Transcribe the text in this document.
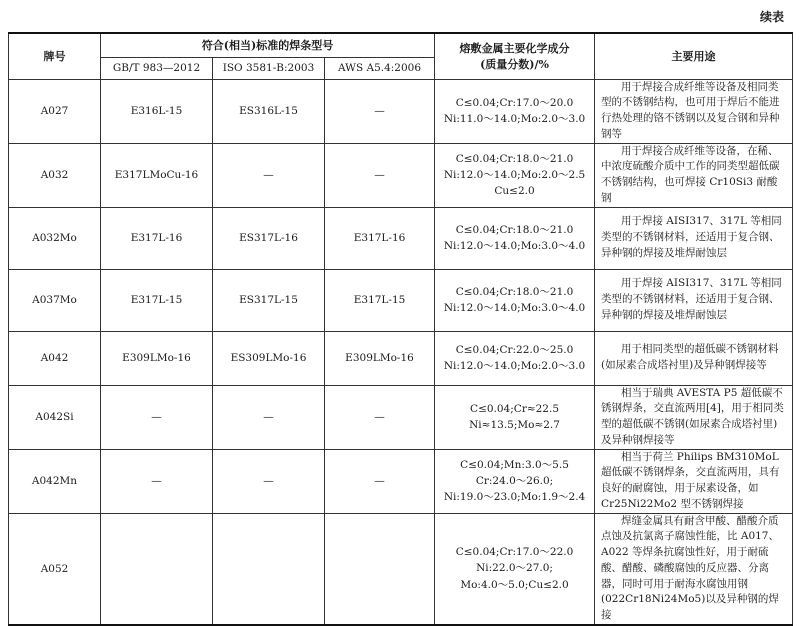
续表
牌号	符合(相当)标准的焊条型号			熔敷金属主要化学成分
(质量分数)/%	主要用途
	GB/T 983—2012	ISO 3581-B:2003	AWS A5.4:2006		
A027	E316L-15	ES316L-15	—	C≤0.04;Cr:17.0～20.0
Ni:11.0～14.0;Mo:2.0～3.0	用于焊接合成纤维等设备及相同类型的不锈钢结构，也可用于焊后不能进行热处理的铬不锈钢以及复合钢和异种钢等
A032	E317LMoCu-16	—	—	C≤0.04;Cr:18.0～21.0
Ni:12.0～14.0;Mo:2.0～2.5
Cu≤2.0	用于焊接合成纤维等设备，在稀、中浓度硫酸介质中工作的同类型超低碳不锈钢结构，也可焊接 Cr10Si3 耐酸钢
A032Mo	E317L-16	ES317L-16	E317L-16	C≤0.04;Cr:18.0～21.0
Ni:12.0～14.0;Mo:3.0～4.0	用于焊接 AISI317、317L 等相同类型的不锈钢材料，还适用于复合钢、异种钢的焊接及堆焊耐蚀层
A037Mo	E317L-15	ES317L-15	E317L-15	C≤0.04;Cr:18.0～21.0
Ni:12.0～14.0;Mo:3.0～4.0	用于焊接 AISI317、317L 等相同类型的不锈钢材料，还适用于复合钢、异种钢的焊接及堆焊耐蚀层
A042	E309LMo-16	ES309LMo-16	E309LMo-16	C≤0.04;Cr:22.0～25.0
Ni:12.0～14.0;Mo:2.0～3.0	用于相同类型的超低碳不锈钢材料(如尿素合成塔衬里)及异种钢焊接等
A042Si	—	—	—	C≤0.04;Cr≈22.5
Ni≈13.5;Mo≈2.7	相当于瑞典 AVESTA P5 超低碳不锈钢焊条，交直流两用[4]，用于相同类型的超低碳不锈钢(如尿素合成塔衬里)及异种钢焊接等
A042Mn	—	—	—	C≤0.04;Mn:3.0～5.5
Cr:24.0～26.0;
Ni:19.0～23.0;Mo:1.9～2.4	相当于荷兰 Philips BM310MoL 超低碳不锈钢焊条，交直流两用，具有良好的耐腐蚀，用于尿素设备，如 Cr25Ni22Mo2 型不锈钢焊接
A052				C≤0.04;Cr:17.0～22.0
Ni:22.0～27.0;
Mo:4.0～5.0;Cu≤2.0	焊缝金属具有耐含甲酸、醋酸介质点蚀及抗氯离子腐蚀性能，比 A017、A022 等焊条抗腐蚀性好，用于耐硫酸、醋酸、磷酸腐蚀的反应器、分离器，同时可用于耐海水腐蚀用钢(022Cr18Ni24Mo5)以及异种钢的焊接
